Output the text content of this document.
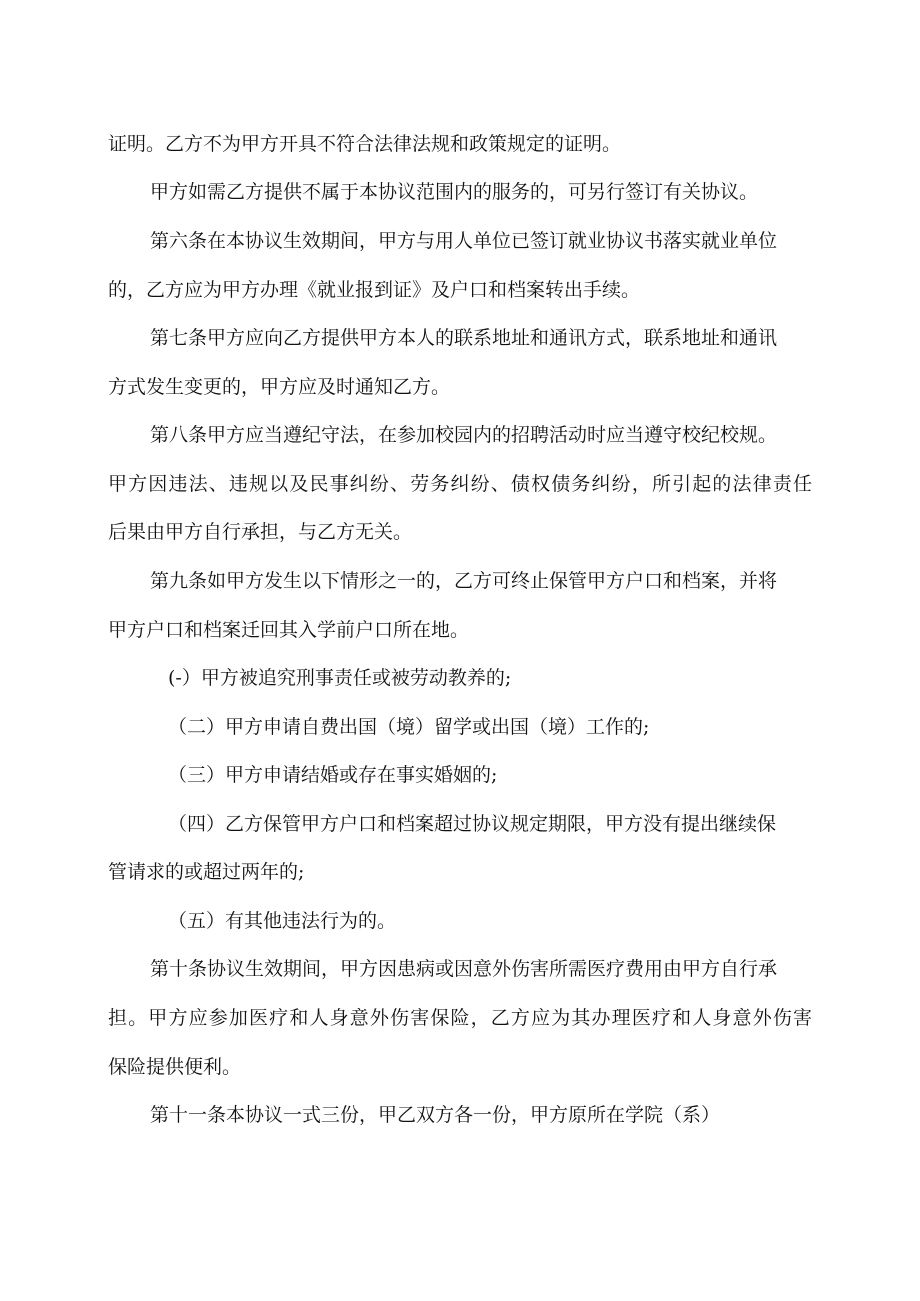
证明。乙方不为甲方开具不符合法律法规和政策规定的证明。

甲方如需乙方提供不属于本协议范围内的服务的，可另行签订有关协议。

第六条在本协议生效期间，甲方与用人单位已签订就业协议书落实就业单位

的，乙方应为甲方办理《就业报到证》及户口和档案转出手续。

第七条甲方应向乙方提供甲方本人的联系地址和通讯方式，联系地址和通讯

方式发生变更的，甲方应及时通知乙方。

第八条甲方应当遵纪守法，在参加校园内的招聘活动时应当遵守校纪校规。

甲方因违法、违规以及民事纠纷、劳务纠纷、债权债务纠纷，所引起的法律责任

后果由甲方自行承担，与乙方无关。

第九条如甲方发生以下情形之一的，乙方可终止保管甲方户口和档案，并将

甲方户口和档案迁回其入学前户口所在地。

(-）甲方被追究刑事责任或被劳动教养的;

（二）甲方申请自费出国（境）留学或出国（境）工作的;

（三）甲方申请结婚或存在事实婚姻的;

（四）乙方保管甲方户口和档案超过协议规定期限，甲方没有提出继续保

管请求的或超过两年的;

（五）有其他违法行为的。

第十条协议生效期间，甲方因患病或因意外伤害所需医疗费用由甲方自行承

担。甲方应参加医疗和人身意外伤害保险，乙方应为其办理医疗和人身意外伤害

保险提供便利。

第十一条本协议一式三份，甲乙双方各一份，甲方原所在学院（系）
